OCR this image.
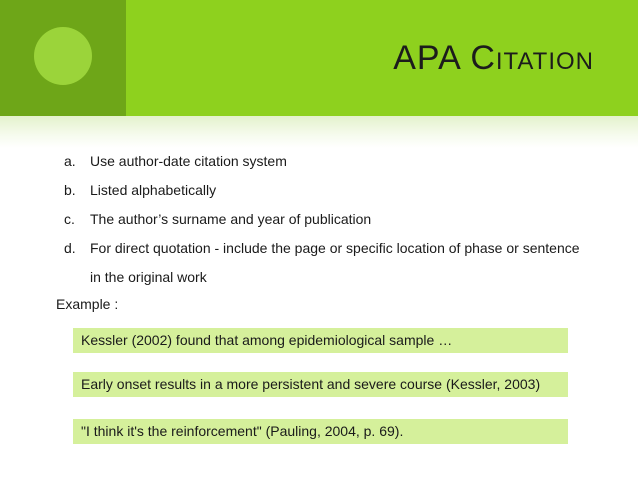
APA Citation
a. Use author-date citation system
b. Listed alphabetically
c. The author’s surname and year of publication
d. For direct quotation - include the page or specific location of phase or sentence in the original work
Example :
Kessler (2002) found that among epidemiological sample …
Early onset results in a more persistent and severe course (Kessler, 2003)
"I think it's the reinforcement" (Pauling, 2004, p. 69).
